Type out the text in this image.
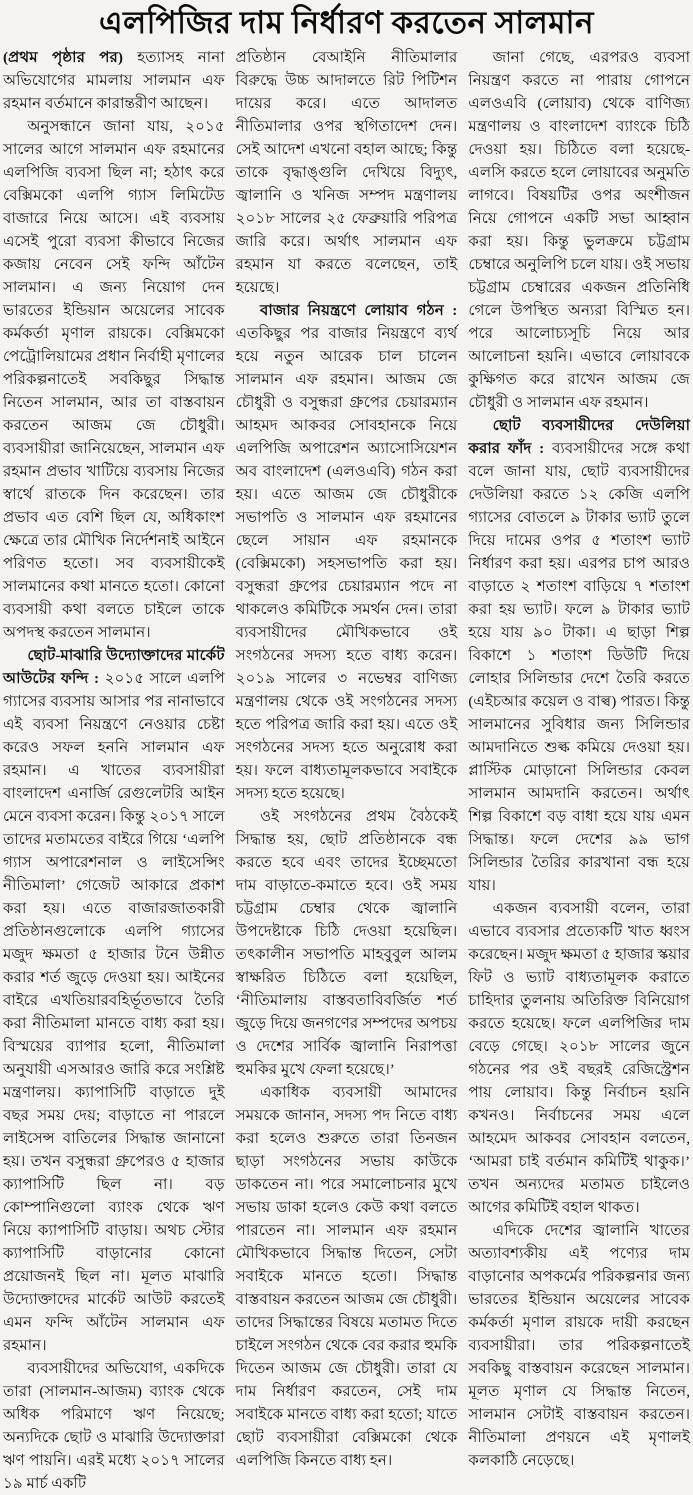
এলপিজির দাম নির্ধারণ করতেন সালমান

(প্রথম পৃষ্ঠার পর) হত্যাসহ নানা অভিযোগের মামলায় সালমান এফ রহমান বর্তমানে কারান্তরীণ আছেন।

অনুসন্ধানে জানা যায়, ২০১৫ সালের আগে সালমান এফ রহমানের এলপিজি ব্যবসা ছিল না; হঠাৎ করে বেক্সিমকো এলপি গ্যাস লিমিটেড বাজারে নিয়ে আসে। এই ব্যবসায় এসেই পুরো ব্যবসা কীভাবে নিজের কজায় নেবেন সেই ফন্দি আঁটেন সালমান। এ জন্য নিয়োগ দেন ভারতের ইন্ডিয়ান অয়েলের সাবেক কর্মকর্তা মৃণাল রায়কে। বেক্সিমকো পেট্রোলিয়ামের প্রধান নির্বাহী মৃণালের পরিকল্পনাতেই সবকিছুর সিদ্ধান্ত নিতেন সালমান, আর তা বাস্তবায়ন করতেন আজম জে চৌধুরী। ব্যবসায়ীরা জানিয়েছেন, সালমান এফ রহমান প্রভাব খাটিয়ে ব্যবসায় নিজের স্বার্থে রাতকে দিন করেছেন। তার প্রভাব এত বেশি ছিল যে, অধিকাংশ ক্ষেত্রে তার মৌখিক নির্দেশনাই আইনে পরিণত হতো। সব ব্যবসায়ীকেই সালমানের কথা মানতে হতো। কোনো ব্যবসায়ী কথা বলতে চাইলে তাকে অপদস্থ করতেন সালমান।

ছোট-মাঝারি উদ্যোক্তাদের মার্কেট আউটের ফন্দি : ২০১৫ সালে এলপি গ্যাসের ব্যবসায় আসার পর নানাভাবে এই ব্যবসা নিয়ন্ত্রণে নেওয়ার চেষ্টা করেও সফল হননি সালমান এফ রহমান। এ খাতের ব্যবসায়ীরা বাংলাদেশ এনার্জি রেগুলেটরি আইন মেনে ব্যবসা করেন। কিন্তু ২০১৭ সালে তাদের মতামতের বাইরে গিয়ে ‘এলপি গ্যাস অপারেশনাল ও লাইসেন্সিং নীতিমালা’ গেজেট আকারে প্রকাশ করা হয়। এতে বাজারজাতকারী প্রতিষ্ঠানগুলোকে এলপি গ্যাসের মজুদ ক্ষমতা ৫ হাজার টনে উন্নীত করার শর্ত জুড়ে দেওয়া হয়। আইনের বাইরে এখতিয়ারবহির্ভূতভাবে তৈরি করা নীতিমালা মানতে বাধ্য করা হয়। বিস্ময়ের ব্যাপার হলো, নীতিমালা অনুযায়ী এসআরও জারি করে সংশ্লিষ্ট মন্ত্রণালয়। ক্যাপাসিটি বাড়াতে দুই বছর সময় দেয়; বাড়াতে না পারলে লাইসেন্স বাতিলের সিদ্ধান্ত জানানো হয়। তখন বসুন্ধরা গ্রুপেরও ৫ হাজার ক্যাপাসিটি ছিল না। বড় কোম্পানিগুলো ব্যাংক থেকে ঋণ নিয়ে ক্যাপাসিটি বাড়ায়। অথচ স্টোর ক্যাপাসিটি বাড়ানোর কোনো প্রয়োজনই ছিল না। মূলত মাঝারি উদ্যোক্তাদের মার্কেট আউট করতেই এমন ফন্দি আঁটেন সালমান এফ রহমান।

ব্যবসায়ীদের অভিযোগ, একদিকে তারা (সালমান-আজম) ব্যাংক থেকে অধিক পরিমাণে ঋণ নিয়েছে; অন্যদিকে ছোট ও মাঝারি উদ্যোক্তারা ঋণ পায়নি। এরই মধ্যে ২০১৭ সালের ১৯ মার্চ একটি

প্রতিষ্ঠান বেআইনি নীতিমালার বিরুদ্ধে উচ্চ আদালতে রিট পিটিশন দায়ের করে। এতে আদালত নীতিমালার ওপর স্থগিতাদেশ দেন। সেই আদেশ এখনো বহাল আছে; কিন্তু তাকে বৃদ্ধাঙ্গুলি দেখিয়ে বিদ্যুৎ, জ্বালানি ও খনিজ সম্পদ মন্ত্রণালয় ২০১৮ সালের ২৫ ফেব্রুয়ারি পরিপত্র জারি করে। অর্থাৎ সালমান এফ রহমান যা করতে বলেছেন, তাই হয়েছে।

বাজার নিয়ন্ত্রণে লোয়াব গঠন : এতকিছুর পর বাজার নিয়ন্ত্রণে ব্যর্থ হয়ে নতুন আরেক চাল চালেন সালমান এফ রহমান। আজম জে চৌধুরী ও বসুন্ধরা গ্রুপের চেয়ারম্যান আহমদ আকবর সোবহানকে নিয়ে এলপিজি অপারেশন অ্যাসোসিয়েশন অব বাংলাদেশ (এলওএবি) গঠন করা হয়। এতে আজম জে চৌধুরীকে সভাপতি ও সালমান এফ রহমানের ছেলে সায়ান এফ রহমানকে (বেক্সিমকো) সহসভাপতি করা হয়। বসুন্ধরা গ্রুপের চেয়ারম্যান পদে না থাকলেও কমিটিকে সমর্থন দেন। তারা ব্যবসায়ীদের মৌখিকভাবে ওই সংগঠনের সদস্য হতে বাধ্য করেন। ২০১৯ সালের ৩ নভেম্বর বাণিজ্য মন্ত্রণালয় থেকে ওই সংগঠনের সদস্য হতে পরিপত্র জারি করা হয়। এতে ওই সংগঠনের সদস্য হতে অনুরোধ করা হয়। ফলে বাধ্যতামূলকভাবে সবাইকে সদস্য হতে হয়েছে।

ওই সংগঠনের প্রথম বৈঠকেই সিদ্ধান্ত হয়, ছোট প্রতিষ্ঠানকে বন্ধ করতে হবে এবং তাদের ইচ্ছেমতো দাম বাড়াতে-কমাতে হবে। ওই সময় চট্টগ্রাম চেম্বার থেকে জ্বালানি উপদেষ্টাকে চিঠি দেওয়া হয়েছিল। তৎকালীন সভাপতি মাহবুবুল আলম স্বাক্ষরিত চিঠিতে বলা হয়েছিল, ‘নীতিমালায় বাস্তবতাবিবর্জিত শর্ত জুড়ে দিয়ে জনগণের সম্পদের অপচয় ও দেশের সার্বিক জ্বালানি নিরাপত্তা হুমকির মুখে ফেলা হয়েছে।’

একাধিক ব্যবসায়ী আমাদের সময়কে জানান, সদস্য পদ নিতে বাধ্য করা হলেও শুরুতে তারা তিনজন ছাড়া সংগঠনের সভায় কাউকে ডাকতেন না। পরে সমালোচনার মুখে সভায় ডাকা হলেও কেউ কথা বলতে পারতেন না। সালমান এফ রহমান মৌখিকভাবে সিদ্ধান্ত দিতেন, সেটা সবাইকে মানতে হতো। সিদ্ধান্ত বাস্তবায়ন করতেন আজম জে চৌধুরী। তাদের সিদ্ধান্তের বিষয়ে মতামত দিতে চাইলে সংগঠন থেকে বের করার হুমকি দিতেন আজম জে চৌধুরী। তারা যে দাম নির্ধারণ করতেন, সেই দাম সবাইকে মানতে বাধ্য করা হতো; যাতে ছোট ব্যবসায়ীরা বেক্সিমকো থেকে এলপিজি কিনতে বাধ্য হন।

জানা গেছে, এরপরও ব্যবসা নিয়ন্ত্রণ করতে না পারায় গোপনে এলওএবি (লোয়াব) থেকে বাণিজ্য মন্ত্রণালয় ও বাংলাদেশ ব্যাংকে চিঠি দেওয়া হয়। চিঠিতে বলা হয়েছে- এলসি করতে হলে লোয়াবের অনুমতি লাগবে। বিষয়টির ওপর অংশীজন নিয়ে গোপনে একটি সভা আহ্বান করা হয়। কিন্তু ভুলক্রমে চট্টগ্রাম চেম্বারে অনুলিপি চলে যায়। ওই সভায় চট্টগ্রাম চেম্বারের একজন প্রতিনিধি গেলে উপস্থিত অন্যরা বিস্মিত হন। পরে আলোচ্যসূচি নিয়ে আর আলোচনা হয়নি। এভাবে লোয়াবকে কুক্ষিগত করে রাখেন আজম জে চৌধুরী ও সালমান এফ রহমান।

ছোট ব্যবসায়ীদের দেউলিয়া করার ফাঁদ : ব্যবসায়ীদের সঙ্গে কথা বলে জানা যায়, ছোট ব্যবসায়ীদের দেউলিয়া করতে ১২ কেজি এলপি গ্যাসের বোতলে ৯ টাকার ভ্যাট তুলে দিয়ে দামের ওপর ৫ শতাংশ ভ্যাট নির্ধারণ করা হয়। এরপর চাপ আরও বাড়াতে ২ শতাংশ বাড়িয়ে ৭ শতাংশ করা হয় ভ্যাট। ফলে ৯ টাকার ভ্যাট হয়ে যায় ৯০ টাকা। এ ছাড়া শিল্প বিকাশে ১ শতাংশ ডিউটি দিয়ে লোহার সিলিন্ডার দেশে তৈরি করতে (এইচআর কয়েল ও বাল্ব) পারত। কিন্তু সালমানের সুবিধার জন্য সিলিন্ডার আমদানিতে শুল্ক কমিয়ে দেওয়া হয়। প্লাস্টিক মোড়ানো সিলিন্ডার কেবল সালমান আমদানি করতেন। অর্থাৎ শিল্প বিকাশে বড় বাধা হয়ে যায় এমন সিদ্ধান্ত। ফলে দেশের ৯৯ ভাগ সিলিন্ডার তৈরির কারখানা বন্ধ হয়ে যায়।

একজন ব্যবসায়ী বলেন, তারা এভাবে ব্যবসার প্রত্যেকটি খাত ধ্বংস করেছেন। মজুদ ক্ষমতা ৫ হাজার স্কয়ার ফিট ও ভ্যাট বাধ্যতামূলক করাতে চাহিদার তুলনায় অতিরিক্ত বিনিয়োগ করতে হয়েছে। ফলে এলপিজির দাম বেড়ে গেছে। ২০১৮ সালের জুনে গঠনের পর ওই বছরই রেজিস্ট্রেশন পায় লোয়াব। কিন্তু নির্বাচন হয়নি কখনও। নির্বাচনের সময় এলে আহমেদ আকবর সোবহান বলতেন, ‘আমরা চাই বর্তমান কমিটিই থাকুক।’ তখন অন্যদের মতামত চাইলেও আগের কমিটিই বহাল থাকত।

এদিকে দেশের জ্বালানি খাতের অত্যাবশ্যকীয় এই পণ্যের দাম বাড়ানোর অপকর্মের পরিকল্পনার জন্য ভারতের ইন্ডিয়ান অয়েলের সাবেক কর্মকর্তা মৃণাল রায়কে দায়ী করছেন ব্যবসায়ীরা। তার পরিকল্পনাতেই সবকিছু বাস্তবায়ন করেছেন সালমান। মূলত মৃণাল যে সিদ্ধান্ত নিতেন, সালমান সেটাই বাস্তবায়ন করতেন। নীতিমালা প্রণয়নে এই মৃণালই কলকাঠি নেড়েছে।
